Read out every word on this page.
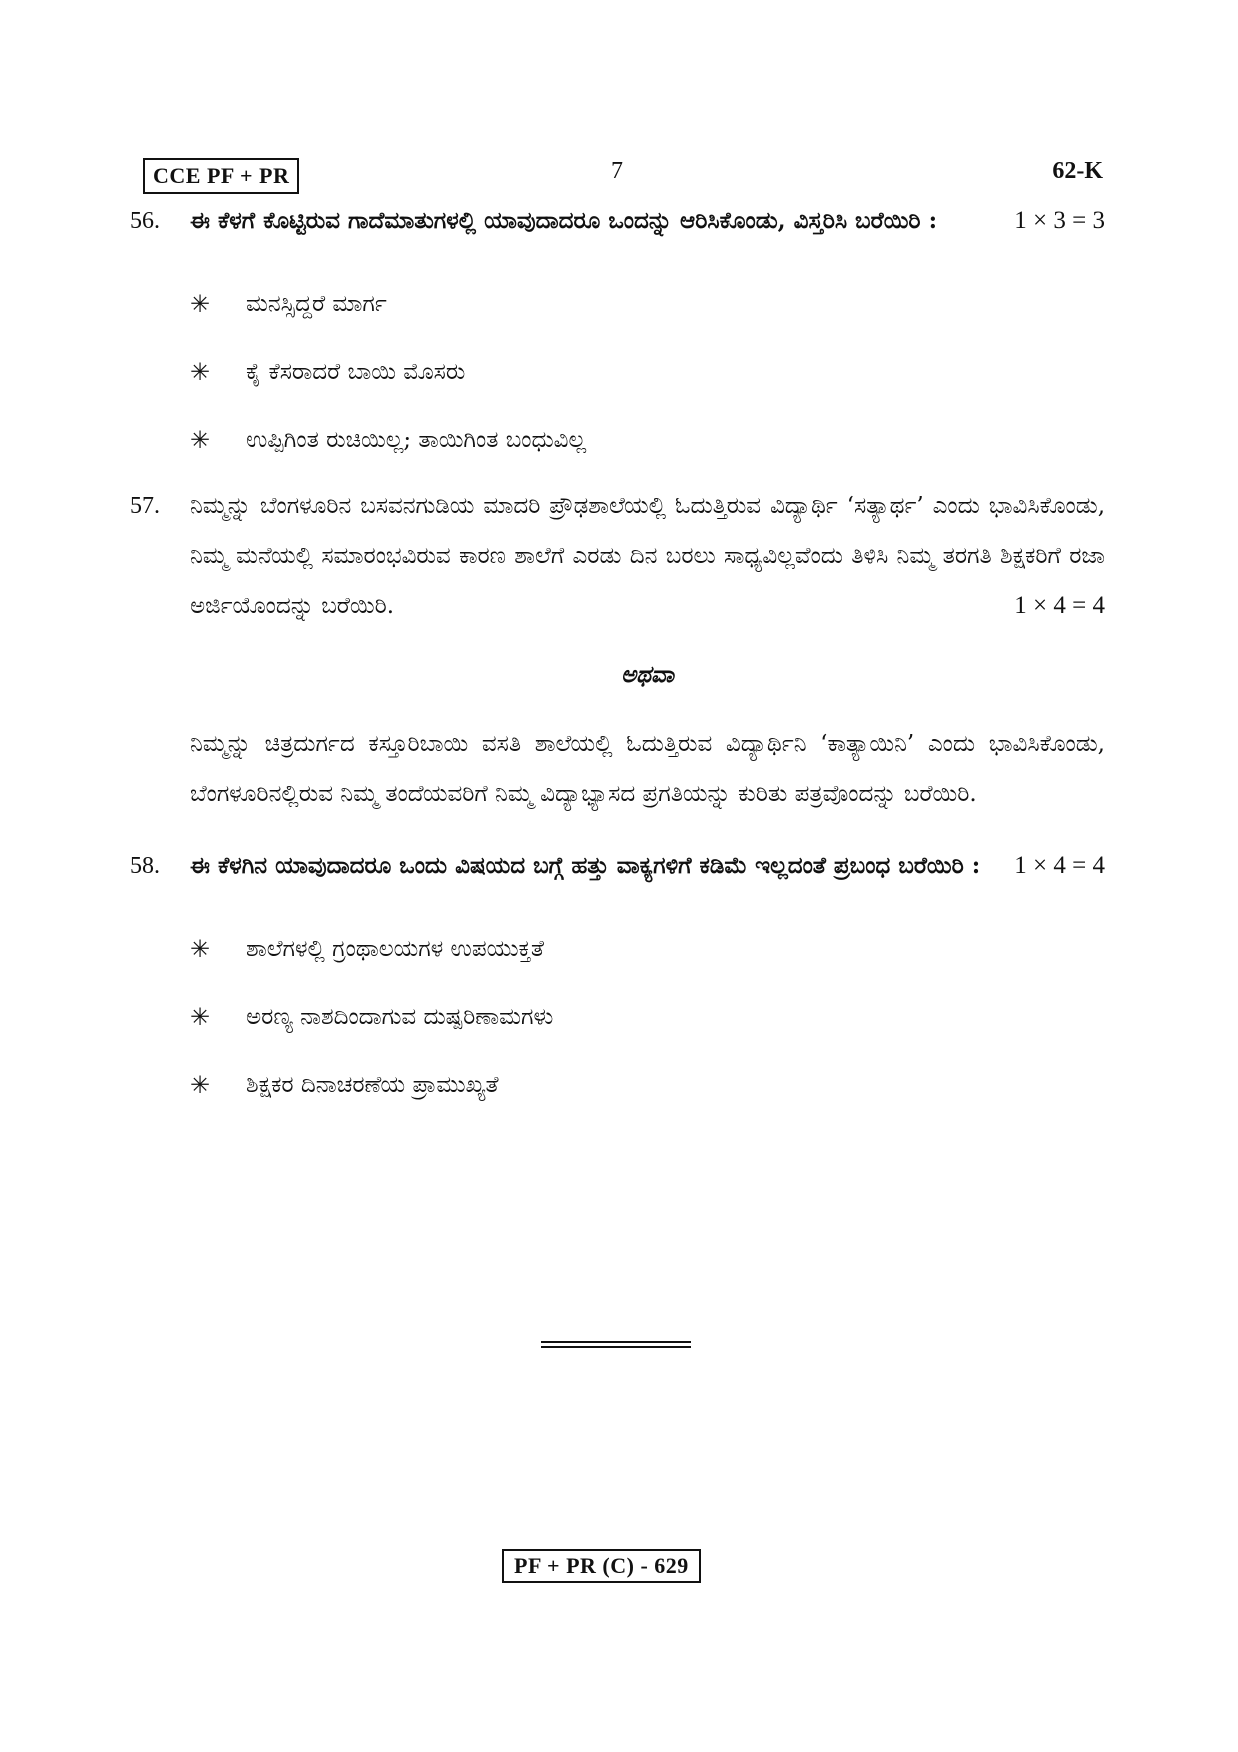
CCE PF + PR	7	62-K
56.	ಈ ಕೆಳಗೆ ಕೊಟ್ಟಿರುವ ಗಾದೆಮಾತುಗಳಲ್ಲಿ ಯಾವುದಾದರೂ ಒಂದನ್ನು ಆರಿಸಿಕೊಂಡು, ವಿಸ್ತರಿಸಿ ಬರೆಯಿರಿ :	1 × 3 = 3
✳ ಮನಸ್ಸಿದ್ದರೆ ಮಾರ್ಗ
✳ ಕೈ ಕೆಸರಾದರೆ ಬಾಯಿ ಮೊಸರು
✳ ಉಪ್ಪಿಗಿಂತ ರುಚಿಯಿಲ್ಲ; ತಾಯಿಗಿಂತ ಬಂಧುವಿಲ್ಲ
57.	ನಿಮ್ಮನ್ನು ಬೆಂಗಳೂರಿನ ಬಸವನಗುಡಿಯ ಮಾದರಿ ಪ್ರೌಢಶಾಲೆಯಲ್ಲಿ ಓದುತ್ತಿರುವ ವಿದ್ಯಾರ್ಥಿ ‘ಸತ್ಯಾರ್ಥ’ ಎಂದು ಭಾವಿಸಿಕೊಂಡು, ನಿಮ್ಮ ಮನೆಯಲ್ಲಿ ಸಮಾರಂಭವಿರುವ ಕಾರಣ ಶಾಲೆಗೆ ಎರಡು ದಿನ ಬರಲು ಸಾಧ್ಯವಿಲ್ಲವೆಂದು ತಿಳಿಸಿ ನಿಮ್ಮ ತರಗತಿ ಶಿಕ್ಷಕರಿಗೆ ರಜಾ ಅರ್ಜಿಯೊಂದನ್ನು ಬರೆಯಿರಿ.	1 × 4 = 4
ಅಥವಾ
ನಿಮ್ಮನ್ನು ಚಿತ್ರದುರ್ಗದ ಕಸ್ತೂರಿಬಾಯಿ ವಸತಿ ಶಾಲೆಯಲ್ಲಿ ಓದುತ್ತಿರುವ ವಿದ್ಯಾರ್ಥಿನಿ ‘ಕಾತ್ಯಾಯಿನಿ’ ಎಂದು ಭಾವಿಸಿಕೊಂಡು, ಬೆಂಗಳೂರಿನಲ್ಲಿರುವ ನಿಮ್ಮ ತಂದೆಯವರಿಗೆ ನಿಮ್ಮ ವಿದ್ಯಾಭ್ಯಾಸದ ಪ್ರಗತಿಯನ್ನು ಕುರಿತು ಪತ್ರವೊಂದನ್ನು ಬರೆಯಿರಿ.
58.	ಈ ಕೆಳಗಿನ ಯಾವುದಾದರೂ ಒಂದು ವಿಷಯದ ಬಗ್ಗೆ ಹತ್ತು ವಾಕ್ಯಗಳಿಗೆ ಕಡಿಮೆ ಇಲ್ಲದಂತೆ ಪ್ರಬಂಧ ಬರೆಯಿರಿ : 1 × 4 = 4
✳ ಶಾಲೆಗಳಲ್ಲಿ ಗ್ರಂಥಾಲಯಗಳ ಉಪಯುಕ್ತತೆ
✳ ಅರಣ್ಯ ನಾಶದಿಂದಾಗುವ ದುಷ್ಪರಿಣಾಮಗಳು
✳ ಶಿಕ್ಷಕರ ದಿನಾಚರಣೆಯ ಪ್ರಾಮುಖ್ಯತೆ
PF + PR (C) - 629
